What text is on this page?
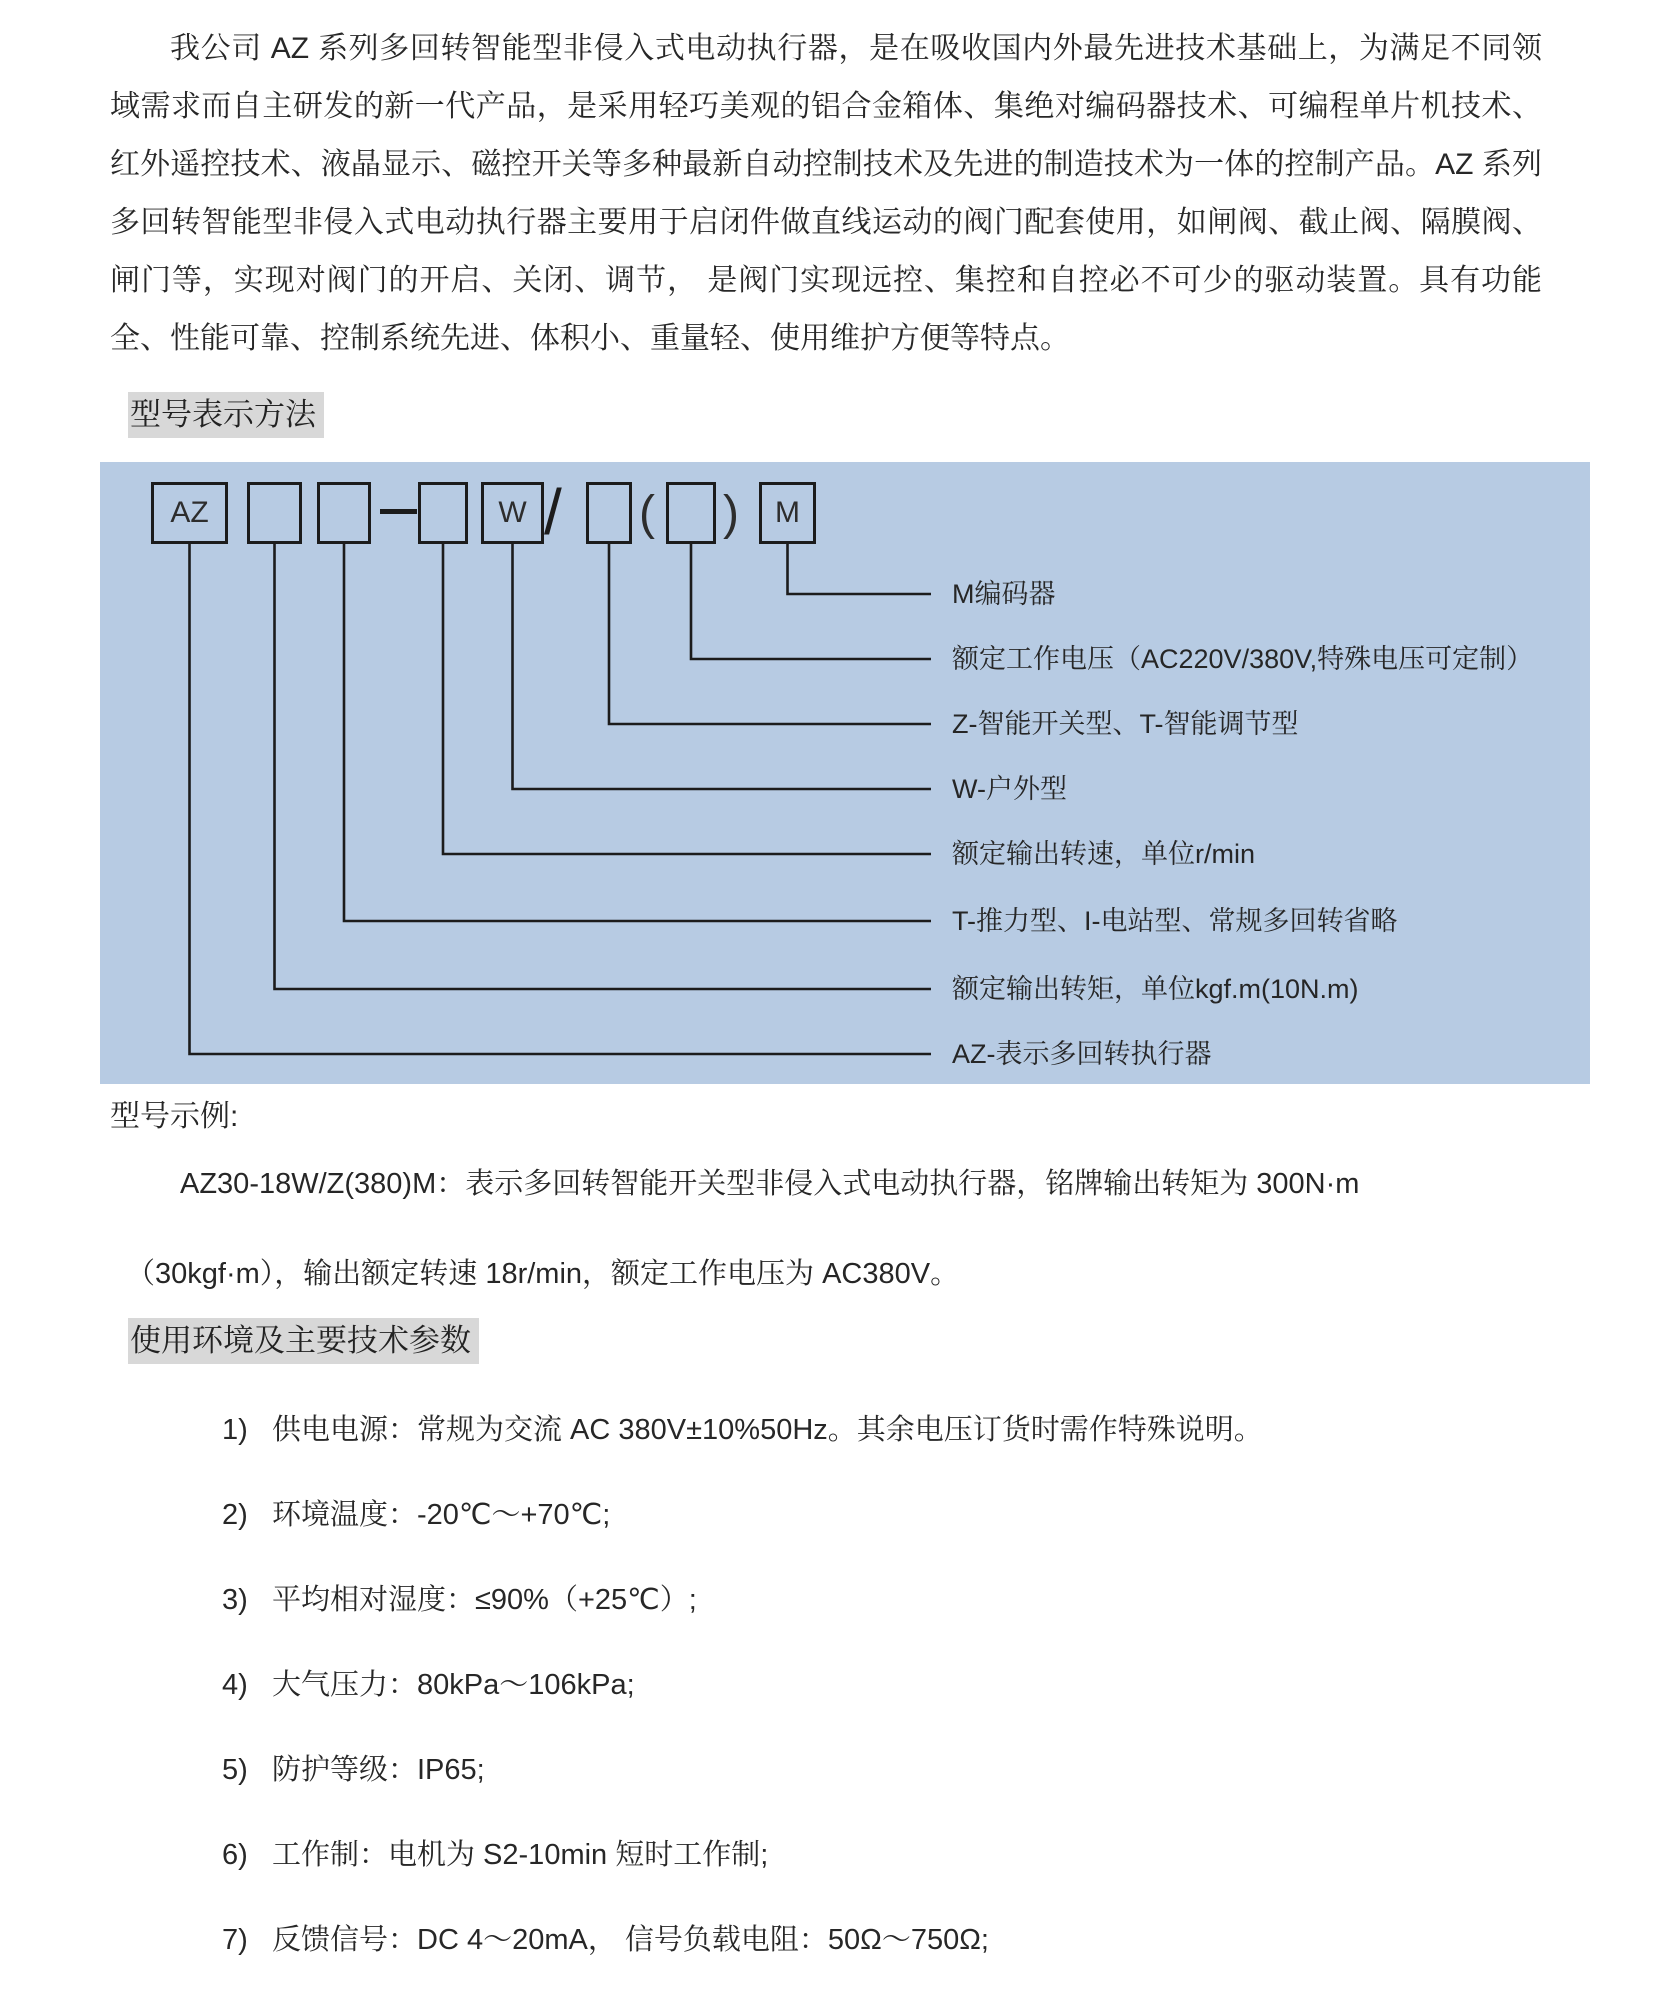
我公司 AZ 系列多回转智能型非侵入式电动执行器，是在吸收国内外最先进技术基础上，为满足不同领域需求而自主研发的新一代产品，是采用轻巧美观的铝合金箱体、集绝对编码器技术、可编程单片机技术、红外遥控技术、液晶显示、磁控开关等多种最新自动控制技术及先进的制造技术为一体的控制产品。AZ 系列多回转智能型非侵入式电动执行器主要用于启闭件做直线运动的阀门配套使用，如闸阀、截止阀、隔膜阀、闸门等，实现对阀门的开启、关闭、调节， 是阀门实现远控、集控和自控必不可少的驱动装置。具有功能全、性能可靠、控制系统先进、体积小、重量轻、使用维护方便等特点。

型号表示方法
AZ	W / ( )	M
M编码器
额定工作电压（AC220V/380V,特殊电压可定制）
Z-智能开关型、T-智能调节型
W-户外型
额定输出转速，单位r/min
T-推力型、I-电站型、常规多回转省略
额定输出转矩，单位kgf.m(10N.m)
AZ-表示多回转执行器
型号示例:
AZ30-18W/Z(380)M：表示多回转智能开关型非侵入式电动执行器，铭牌输出转矩为 300N·m
（30kgf·m），输出额定转速 18r/min，额定工作电压为 AC380V。
使用环境及主要技术参数
1) 供电电源：常规为交流 AC 380V±10%50Hz。其余电压订货时需作特殊说明。
2) 环境温度：-20℃～+70℃;
3) 平均相对湿度：≤90%（+25℃）;
4) 大气压力：80kPa～106kPa;
5) 防护等级：IP65;
6) 工作制：电机为 S2-10min 短时工作制;
7) 反馈信号：DC 4～20mA， 信号负载电阻：50Ω～750Ω;
